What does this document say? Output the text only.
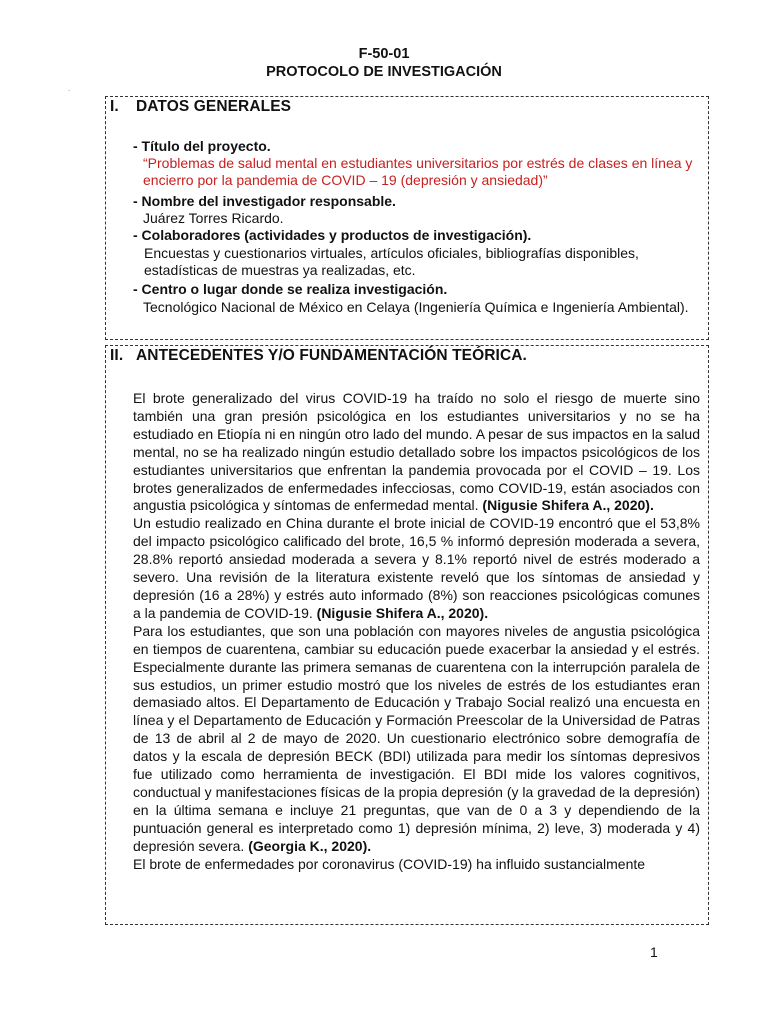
F-50-01
PROTOCOLO DE INVESTIGACIÓN
.
I. DATOS GENERALES
- Título del proyecto.
“Problemas de salud mental en estudiantes universitarios por estrés de clases en línea y encierro por la pandemia de COVID – 19 (depresión y ansiedad)”
- Nombre del investigador responsable.
Juárez Torres Ricardo.
- Colaboradores (actividades y productos de investigación).
Encuestas y cuestionarios virtuales, artículos oficiales, bibliografías disponibles, estadísticas de muestras ya realizadas, etc.
- Centro o lugar donde se realiza investigación.
Tecnológico Nacional de México en Celaya (Ingeniería Química e Ingeniería Ambiental).
II. ANTECEDENTES Y/O FUNDAMENTACIÓN TEÓRICA.

El brote generalizado del virus COVID-19 ha traído no solo el riesgo de muerte sino también una gran presión psicológica en los estudiantes universitarios y no se ha estudiado en Etiopía ni en ningún otro lado del mundo. A pesar de sus impactos en la salud mental, no se ha realizado ningún estudio detallado sobre los impactos psicológicos de los estudiantes universitarios que enfrentan la pandemia provocada por el COVID – 19. Los brotes generalizados de enfermedades infecciosas, como COVID-19, están asociados con angustia psicológica y síntomas de enfermedad mental. (Nigusie Shifera A., 2020).

Un estudio realizado en China durante el brote inicial de COVID-19 encontró que el 53,8% del impacto psicológico calificado del brote, 16,5 % informó depresión moderada a severa, 28.8% reportó ansiedad moderada a severa y 8.1% reportó nivel de estrés moderado a severo. Una revisión de la literatura existente reveló que los síntomas de ansiedad y depresión (16 a 28%) y estrés auto informado (8%) son reacciones psicológicas comunes a la pandemia de COVID-19. (Nigusie Shifera A., 2020).

Para los estudiantes, que son una población con mayores niveles de angustia psicológica en tiempos de cuarentena, cambiar su educación puede exacerbar la ansiedad y el estrés. Especialmente durante las primera semanas de cuarentena con la interrupción paralela de sus estudios, un primer estudio mostró que los niveles de estrés de los estudiantes eran demasiado altos. El Departamento de Educación y Trabajo Social realizó una encuesta en línea y el Departamento de Educación y Formación Preescolar de la Universidad de Patras de 13 de abril al 2 de mayo de 2020. Un cuestionario electrónico sobre demografía de datos y la escala de depresión BECK (BDI) utilizada para medir los síntomas depresivos fue utilizado como herramienta de investigación. El BDI mide los valores cognitivos, conductual y manifestaciones físicas de la propia depresión (y la gravedad de la depresión) en la última semana e incluye 21 preguntas, que van de 0 a 3 y dependiendo de la puntuación general es interpretado como 1) depresión mínima, 2) leve, 3) moderada y 4) depresión severa. (Georgia K., 2020).

El brote de enfermedades por coronavirus (COVID-19) ha influido sustancialmente

1
